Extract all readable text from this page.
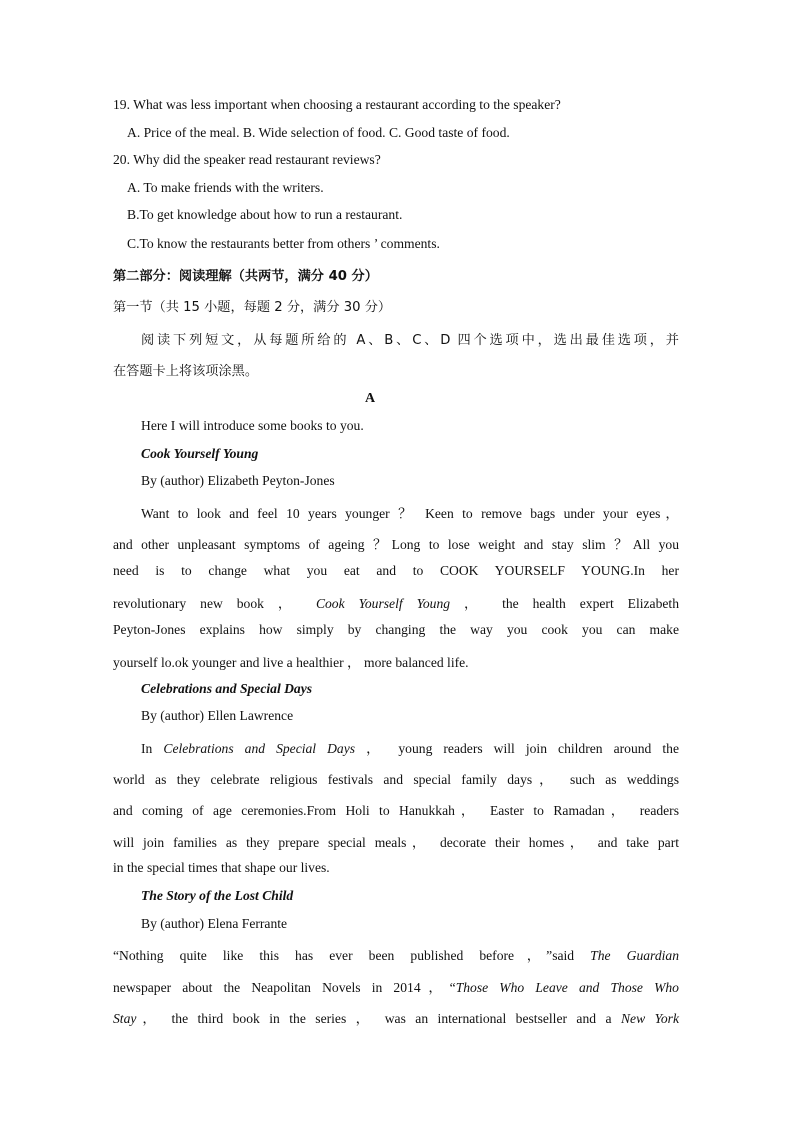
19. What was less important when choosing a restaurant according to the speaker?
A. Price of the meal. B. Wide selection of food. C. Good taste of food.
20. Why did the speaker read restaurant reviews?
A. To make friends with the writers.
B.To get knowledge about how to run a restaurant.
C.To know the restaurants better from others ’ comments.
第二部分：阅读理解（共两节，满分 40 分）
第一节（共 15 小题，每题 2 分，满分 30 分）
阅读下列短文，从每题所给的 A、B、C、D 四个选项中，选出最佳选项，并
在答题卡上将该项涂黑。
A
Here I will introduce some books to you.
Cook Yourself Young
By (author) Elizabeth Peyton-Jones
Want to look and feel 10 years younger ？ Keen to remove bags under your eyes，
and other unpleasant symptoms of ageing ？Long to lose weight and stay slim ？All you
need is to change what you eat and to COOK YOURSELF YOUNG.In her
revolutionary new book ， Cook Yourself Young ， the health expert Elizabeth
Peyton-Jones explains how simply by changing the way you cook you can make
yourself lo.ok younger and live a healthier ， more balanced life.
Celebrations and Special Days
By (author) Ellen Lawrence
In Celebrations and Special Days ， young readers will join children around the
world as they celebrate religious festivals and special family days， such as weddings
and coming of age ceremonies.From Holi to Hanukkah， Easter to Ramadan， readers
will join families as they prepare special meals， decorate their homes， and take part
in the special times that shape our lives.
The Story of the Lost Child
By (author) Elena Ferrante
“Nothing quite like this has ever been published before，”said The Guardian
newspaper about the Neapolitan Novels in 2014，“Those Who Leave and Those Who
Stay， the third book in the series ， was an international bestseller and a New York
